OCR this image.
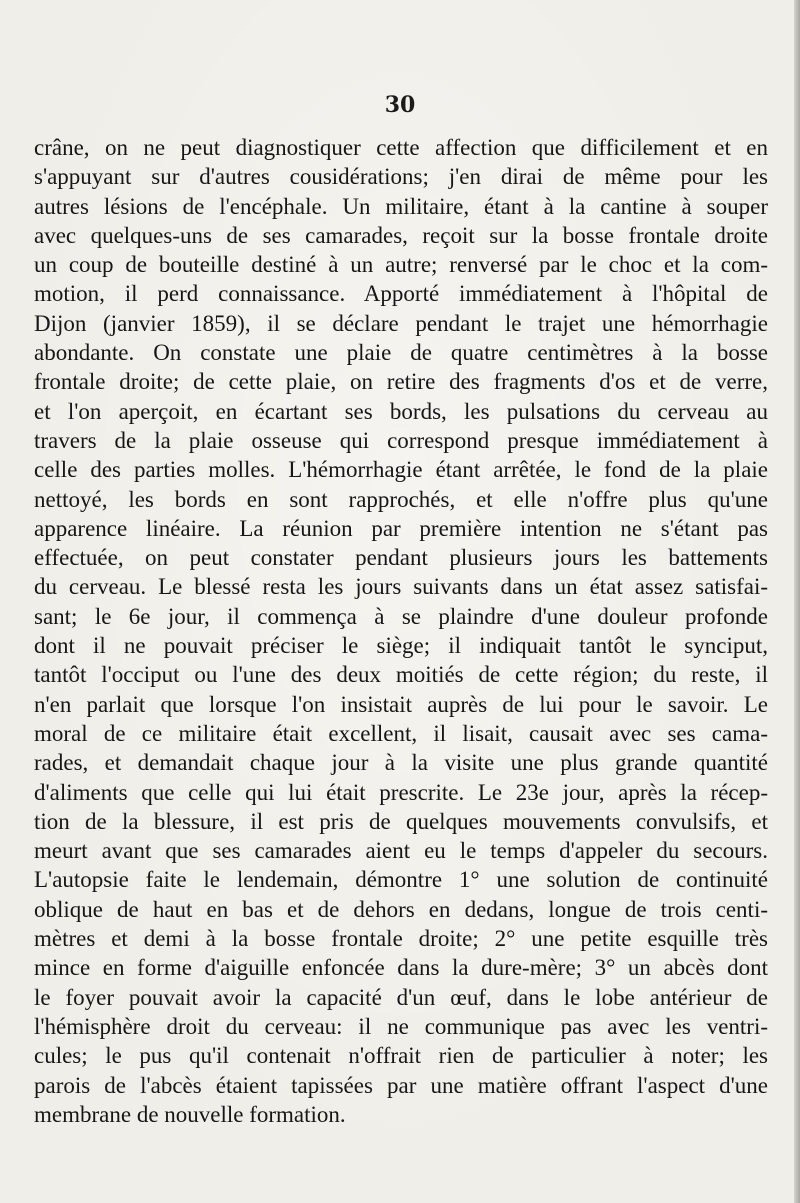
30
crâne, on ne peut diagnostiquer cette affection que difficilement et en
s'appuyant sur d'autres cousidérations; j'en dirai de même pour les
autres lésions de l'encéphale. Un militaire, étant à la cantine à souper
avec quelques-uns de ses camarades, reçoit sur la bosse frontale droite
un coup de bouteille destiné à un autre; renversé par le choc et la com-
motion, il perd connaissance. Apporté immédiatement à l'hôpital de
Dijon (janvier 1859), il se déclare pendant le trajet une hémorrhagie
abondante. On constate une plaie de quatre centimètres à la bosse
frontale droite; de cette plaie, on retire des fragments d'os et de verre,
et l'on aperçoit, en écartant ses bords, les pulsations du cerveau au
travers de la plaie osseuse qui correspond presque immédiatement à
celle des parties molles. L'hémorrhagie étant arrêtée, le fond de la plaie
nettoyé, les bords en sont rapprochés, et elle n'offre plus qu'une
apparence linéaire. La réunion par première intention ne s'étant pas
effectuée, on peut constater pendant plusieurs jours les battements
du cerveau. Le blessé resta les jours suivants dans un état assez satisfai-
sant; le 6e jour, il commença à se plaindre d'une douleur profonde
dont il ne pouvait préciser le siège; il indiquait tantôt le synciput,
tantôt l'occiput ou l'une des deux moitiés de cette région; du reste, il
n'en parlait que lorsque l'on insistait auprès de lui pour le savoir. Le
moral de ce militaire était excellent, il lisait, causait avec ses cama-
rades, et demandait chaque jour à la visite une plus grande quantité
d'aliments que celle qui lui était prescrite. Le 23e jour, après la récep-
tion de la blessure, il est pris de quelques mouvements convulsifs, et
meurt avant que ses camarades aient eu le temps d'appeler du secours.
L'autopsie faite le lendemain, démontre 1° une solution de continuité
oblique de haut en bas et de dehors en dedans, longue de trois centi-
mètres et demi à la bosse frontale droite; 2° une petite esquille très
mince en forme d'aiguille enfoncée dans la dure-mère; 3° un abcès dont
le foyer pouvait avoir la capacité d'un œuf, dans le lobe antérieur de
l'hémisphère droit du cerveau: il ne communique pas avec les ventri-
cules; le pus qu'il contenait n'offrait rien de particulier à noter; les
parois de l'abcès étaient tapissées par une matière offrant l'aspect d'une
membrane de nouvelle formation.
